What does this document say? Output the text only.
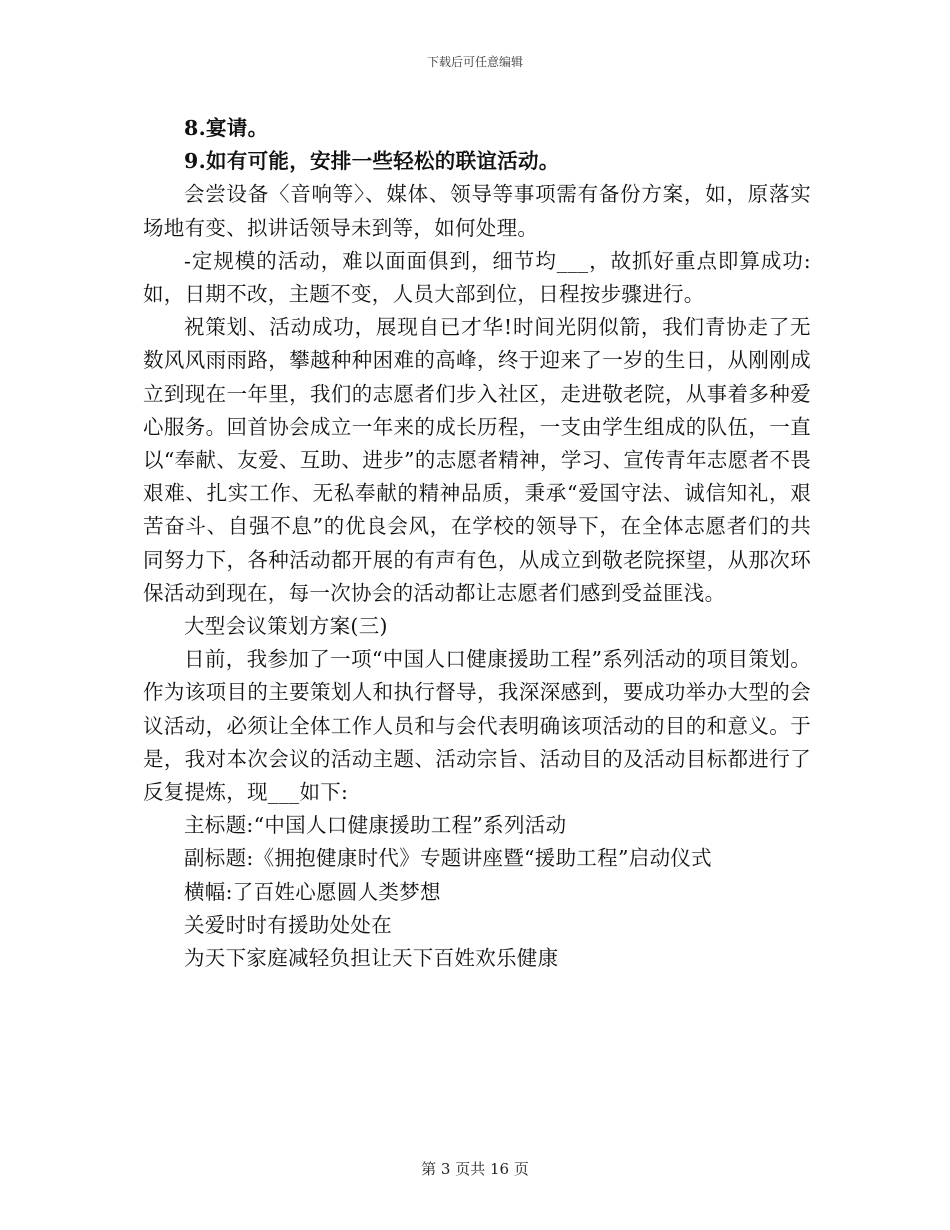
下载后可任意编辑

8.宴请。

9.如有可能，安排一些轻松的联谊活动。

会尝设备〈音响等〉、媒体、领导等事项需有备份方案，如，原落实场地有变、拟讲话领导未到等，如何处理。

-定规模的活动，难以面面俱到，细节均___，故抓好重点即算成功:如，日期不改，主题不变，人员大部到位，日程按步骤进行。

祝策划、活动成功，展现自已才华!时间光阴似箭，我们青协走了无数风风雨雨路，攀越种种困难的高峰，终于迎来了一岁的生日，从刚刚成立到现在一年里，我们的志愿者们步入社区，走进敬老院，从事着多种爱心服务。回首协会成立一年来的成长历程，一支由学生组成的队伍，一直以“奉献、友爱、互助、进步”的志愿者精神，学习、宣传青年志愿者不畏艰难、扎实工作、无私奉献的精神品质，秉承“爱国守法、诚信知礼，艰苦奋斗、自强不息”的优良会风，在学校的领导下，在全体志愿者们的共同努力下，各种活动都开展的有声有色，从成立到敬老院探望，从那次环保活动到现在，每一次协会的活动都让志愿者们感到受益匪浅。

大型会议策划方案(三)

日前，我参加了一项“中国人口健康援助工程”系列活动的项目策划。作为该项目的主要策划人和执行督导，我深深感到，要成功举办大型的会议活动，必须让全体工作人员和与会代表明确该项活动的目的和意义。于是，我对本次会议的活动主题、活动宗旨、活动目的及活动目标都进行了反复提炼，现___如下:

主标题:“中国人口健康援助工程”系列活动

副标题:《拥抱健康时代》专题讲座暨“援助工程”启动仪式

横幅:了百姓心愿圆人类梦想

关爱时时有援助处处在

为天下家庭减轻负担让天下百姓欢乐健康

第 3 页共 16 页
